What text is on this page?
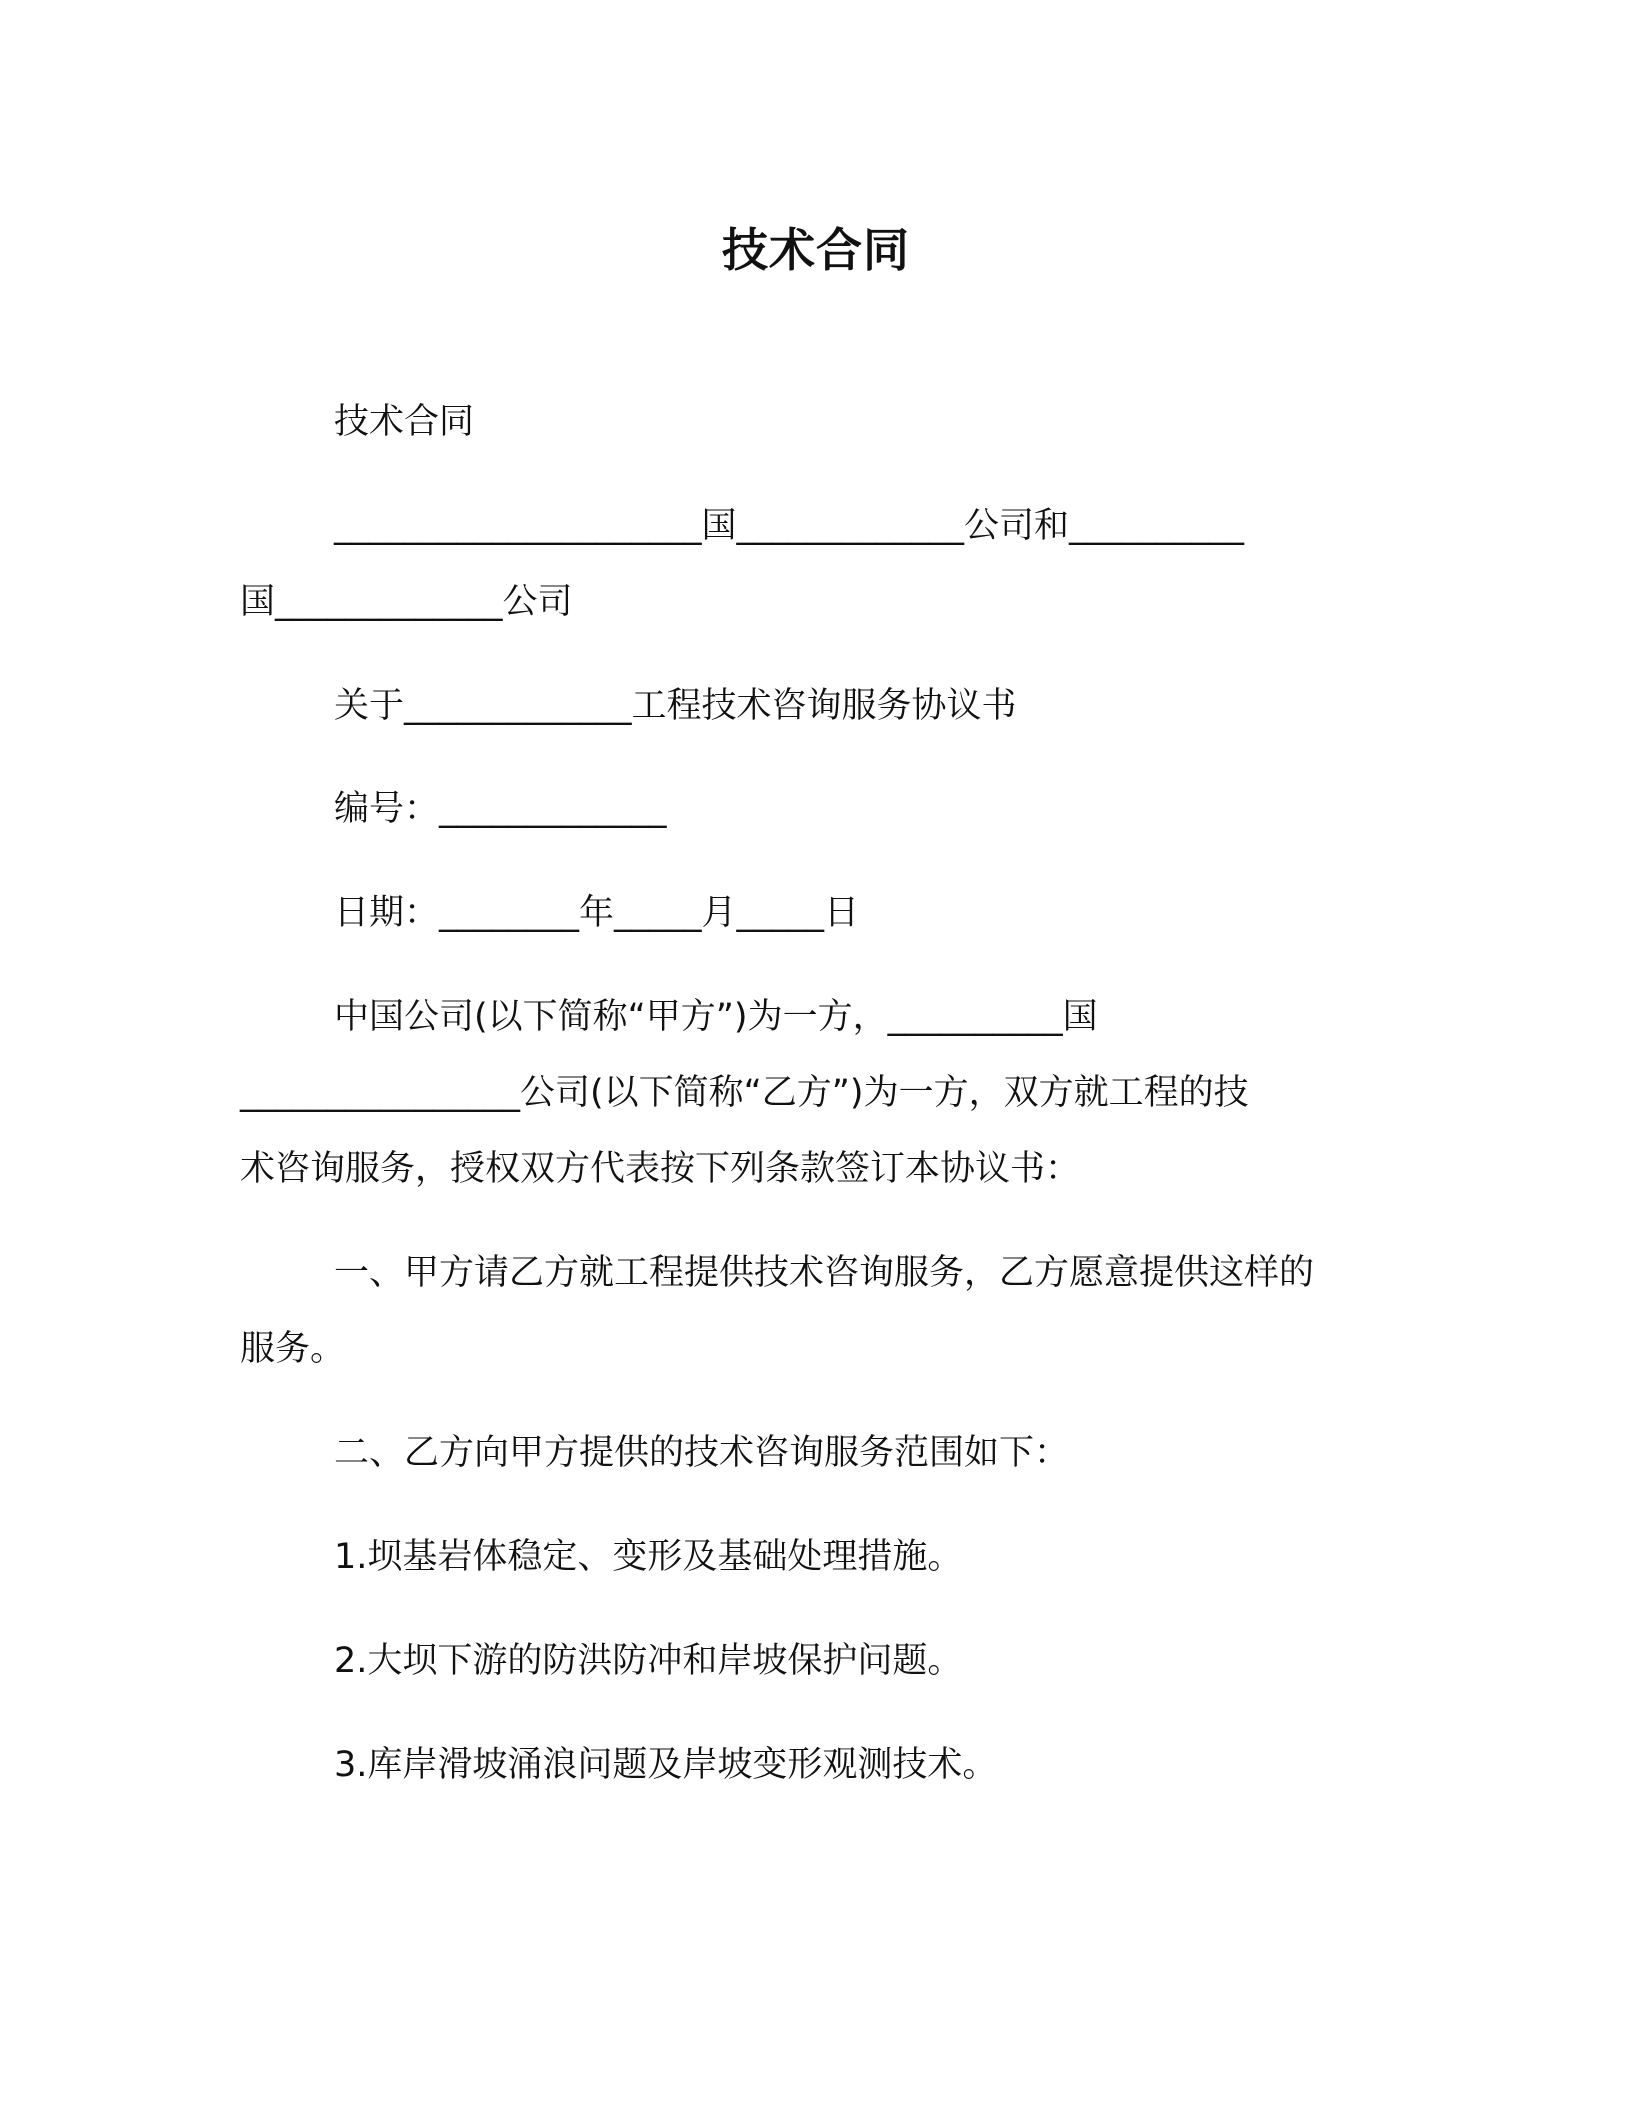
技术合同
技术合同
_____________________国_____________公司和__________
国_____________公司
关于_____________工程技术咨询服务协议书
编号：_____________
日期：________年_____月_____日
中国公司(以下简称“甲方”)为一方，__________国
________________公司(以下简称“乙方”)为一方，双方就工程的技
术咨询服务，授权双方代表按下列条款签订本协议书：
一、甲方请乙方就工程提供技术咨询服务，乙方愿意提供这样的
服务。
二、乙方向甲方提供的技术咨询服务范围如下：
1.坝基岩体稳定、变形及基础处理措施。
2.大坝下游的防洪防冲和岸坡保护问题。
3.库岸滑坡涌浪问题及岸坡变形观测技术。
